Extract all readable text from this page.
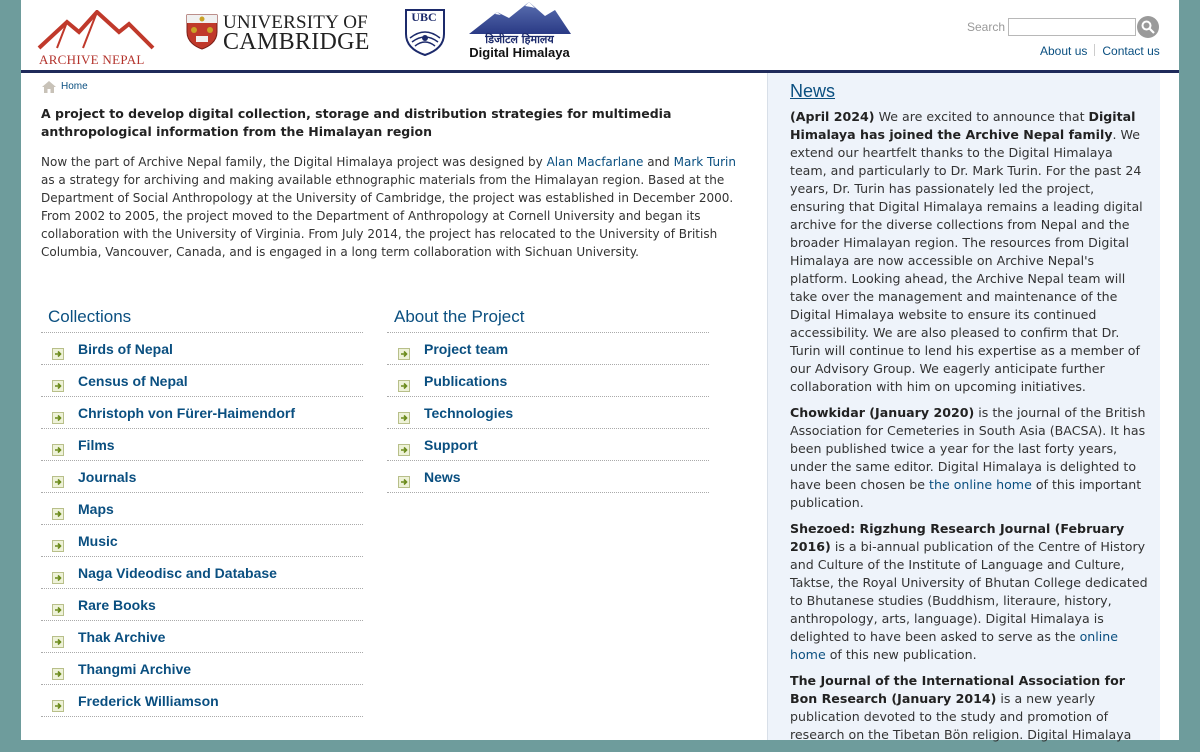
ARCHIVE NEPAL
UNIVERSITY OF
CAMBRIDGE
UBC
डिजीटल हिमालय
Digital Himalaya
Search
About us Contact us
Home
A project to develop digital collection, storage and distribution strategies for multimedia anthropological information from the Himalayan region
Now the part of Archive Nepal family, the Digital Himalaya project was designed by Alan Macfarlane and Mark Turin as a strategy for archiving and making available ethnographic materials from the Himalayan region. Based at the Department of Social Anthropology at the University of Cambridge, the project was established in December 2000. From 2002 to 2005, the project moved to the Department of Anthropology at Cornell University and began its collaboration with the University of Virginia. From July 2014, the project has relocated to the University of British Columbia, Vancouver, Canada, and is engaged in a long term collaboration with Sichuan University.
Collections
Birds of Nepal
Census of Nepal
Christoph von Fürer-Haimendorf
Films
Journals
Maps
Music
Naga Videodisc and Database
Rare Books
Thak Archive
Thangmi Archive
Frederick Williamson
About the Project
Project team
Publications
Technologies
Support
News
News

(April 2024) We are excited to announce that Digital Himalaya has joined the Archive Nepal family. We extend our heartfelt thanks to the Digital Himalaya team, and particularly to Dr. Mark Turin. For the past 24 years, Dr. Turin has passionately led the project, ensuring that Digital Himalaya remains a leading digital archive for the diverse collections from Nepal and the broader Himalayan region. The resources from Digital Himalaya are now accessible on Archive Nepal's platform. Looking ahead, the Archive Nepal team will take over the management and maintenance of the Digital Himalaya website to ensure its continued accessibility. We are also pleased to confirm that Dr. Turin will continue to lend his expertise as a member of our Advisory Group. We eagerly anticipate further collaboration with him on upcoming initiatives.

Chowkidar (January 2020) is the journal of the British Association for Cemeteries in South Asia (BACSA). It has been published twice a year for the last forty years, under the same editor. Digital Himalaya is delighted to have been chosen be the online home of this important publication.

Shezoed: Rigzhung Research Journal (February 2016) is a bi-annual publication of the Centre of History and Culture of the Institute of Language and Culture, Taktse, the Royal University of Bhutan College dedicated to Bhutanese studies (Buddhism, literaure, history, anthropology, arts, language). Digital Himalaya is delighted to have been asked to serve as the online home of this new publication.

The Journal of the International Association for Bon Research (January 2014) is a new yearly publication devoted to the study and promotion of research on the Tibetan Bön religion. Digital Himalaya
